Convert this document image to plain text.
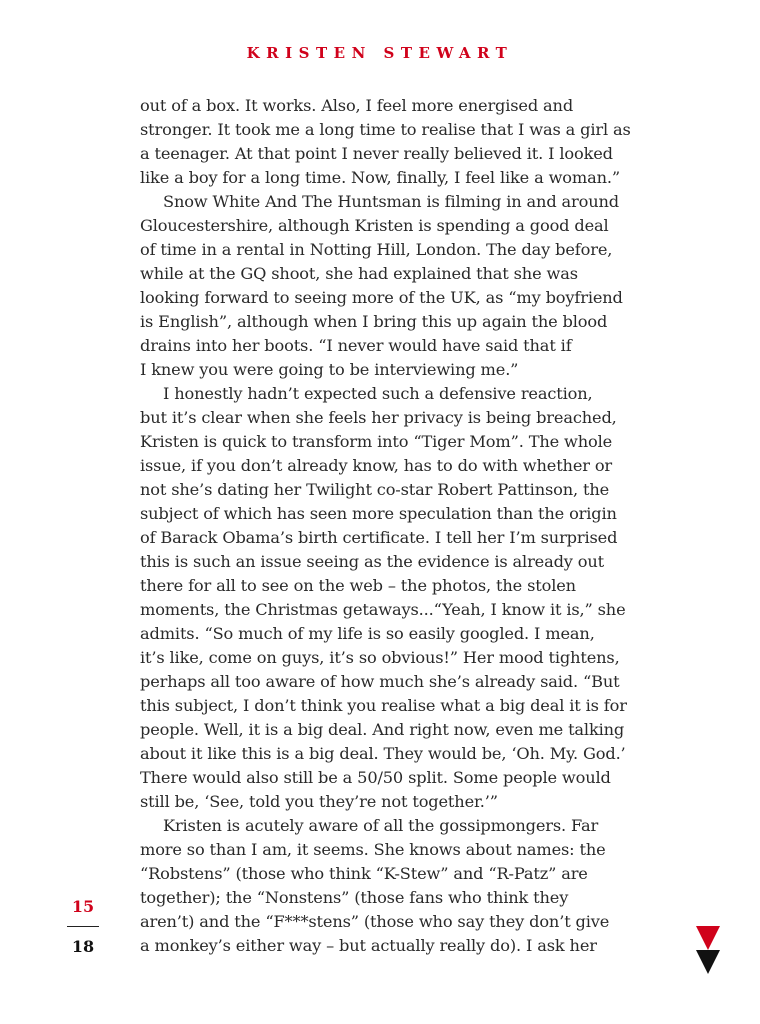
KRISTEN STEWART
out of a box. It works. Also, I feel more energised and
stronger. It took me a long time to realise that I was a girl as
a teenager. At that point I never really believed it. I looked
like a boy for a long time. Now, finally, I feel like a woman.”
Snow White And The Huntsman is filming in and around
Gloucestershire, although Kristen is spending a good deal
of time in a rental in Notting Hill, London. The day before,
while at the GQ shoot, she had explained that she was
looking forward to seeing more of the UK, as “my boyfriend
is English”, although when I bring this up again the blood
drains into her boots. “I never would have said that if
I knew you were going to be interviewing me.”
I honestly hadn’t expected such a defensive reaction,
but it’s clear when she feels her privacy is being breached,
Kristen is quick to transform into “Tiger Mom”. The whole
issue, if you don’t already know, has to do with whether or
not she’s dating her Twilight co-star Robert Pattinson, the
subject of which has seen more speculation than the origin
of Barack Obama’s birth certificate. I tell her I’m surprised
this is such an issue seeing as the evidence is already out
there for all to see on the web – the photos, the stolen
moments, the Christmas getaways...“Yeah, I know it is,” she
admits. “So much of my life is so easily googled. I mean,
it’s like, come on guys, it’s so obvious!” Her mood tightens,
perhaps all too aware of how much she’s already said. “But
this subject, I don’t think you realise what a big deal it is for
people. Well, it is a big deal. And right now, even me talking
about it like this is a big deal. They would be, ‘Oh. My. God.’
There would also still be a 50/50 split. Some people would
still be, ‘See, told you they’re not together.’”
Kristen is acutely aware of all the gossipmongers. Far
more so than I am, it seems. She knows about names: the
“Robstens” (those who think “K-Stew” and “R-Patz” are
together); the “Nonstens” (those fans who think they
aren’t) and the “F***stens” (those who say they don’t give
a monkey’s either way – but actually really do). I ask her
15
18
